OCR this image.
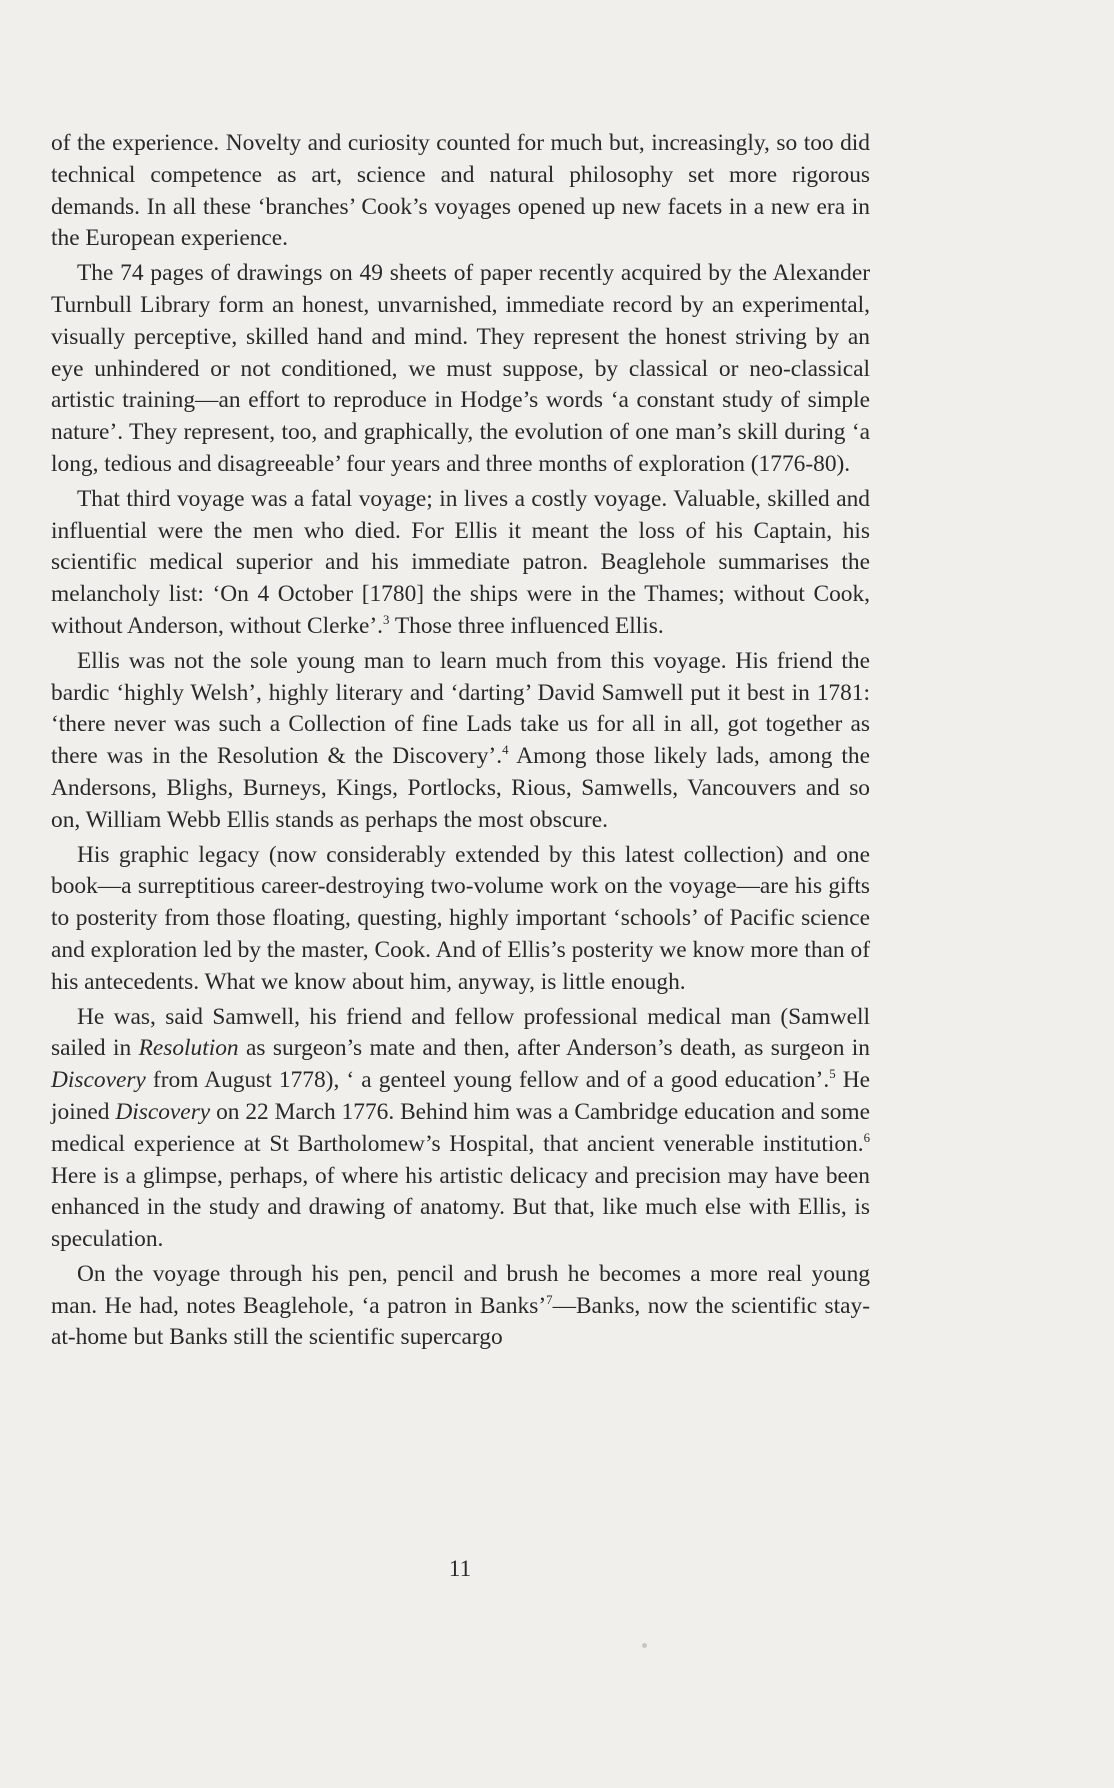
of the experience. Novelty and curiosity counted for much but, increasingly, so too did technical competence as art, science and natural philosophy set more rigorous demands. In all these ‘branches’ Cook’s voyages opened up new facets in a new era in the European experience.

The 74 pages of drawings on 49 sheets of paper recently acquired by the Alexander Turnbull Library form an honest, unvarnished, immediate record by an experimental, visually perceptive, skilled hand and mind. They represent the honest striving by an eye unhindered or not conditioned, we must suppose, by classical or neo-classical artistic training—an effort to reproduce in Hodge’s words ‘a constant study of simple nature’. They represent, too, and graphically, the evolution of one man’s skill during ‘a long, tedious and disagreeable’ four years and three months of exploration (1776-80).

That third voyage was a fatal voyage; in lives a costly voyage. Valuable, skilled and influential were the men who died. For Ellis it meant the loss of his Captain, his scientific medical superior and his immediate patron. Beaglehole summarises the melancholy list: ‘On 4 October [1780] the ships were in the Thames; without Cook, without Anderson, without Clerke’.$^3$ Those three influenced Ellis.

Ellis was not the sole young man to learn much from this voyage. His friend the bardic ‘highly Welsh’, highly literary and ‘darting’ David Samwell put it best in 1781: ‘there never was such a Collection of fine Lads take us for all in all, got together as there was in the Resolution & the Discovery’.$^4$ Among those likely lads, among the Andersons, Blighs, Burneys, Kings, Portlocks, Rious, Samwells, Vancouvers and so on, William Webb Ellis stands as perhaps the most obscure.

His graphic legacy (now considerably extended by this latest collection) and one book—a surreptitious career-destroying two-volume work on the voyage—are his gifts to posterity from those floating, questing, highly important ‘schools’ of Pacific science and exploration led by the master, Cook. And of Ellis’s posterity we know more than of his antecedents. What we know about him, anyway, is little enough.

He was, said Samwell, his friend and fellow professional medical man (Samwell sailed in Resolution as surgeon’s mate and then, after Anderson’s death, as surgeon in Discovery from August 1778), ‘ a genteel young fellow and of a good education’.$^5$ He joined Discovery on 22 March 1776. Behind him was a Cambridge education and some medical experience at St Bartholomew’s Hospital, that ancient venerable institution.$^6$ Here is a glimpse, perhaps, of where his artistic delicacy and precision may have been enhanced in the study and drawing of anatomy. But that, like much else with Ellis, is speculation.

On the voyage through his pen, pencil and brush he becomes a more real young man. He had, notes Beaglehole, ‘a patron in Banks’$^7$—Banks, now the scientific stay-at-home but Banks still the scientific supercargo

11
